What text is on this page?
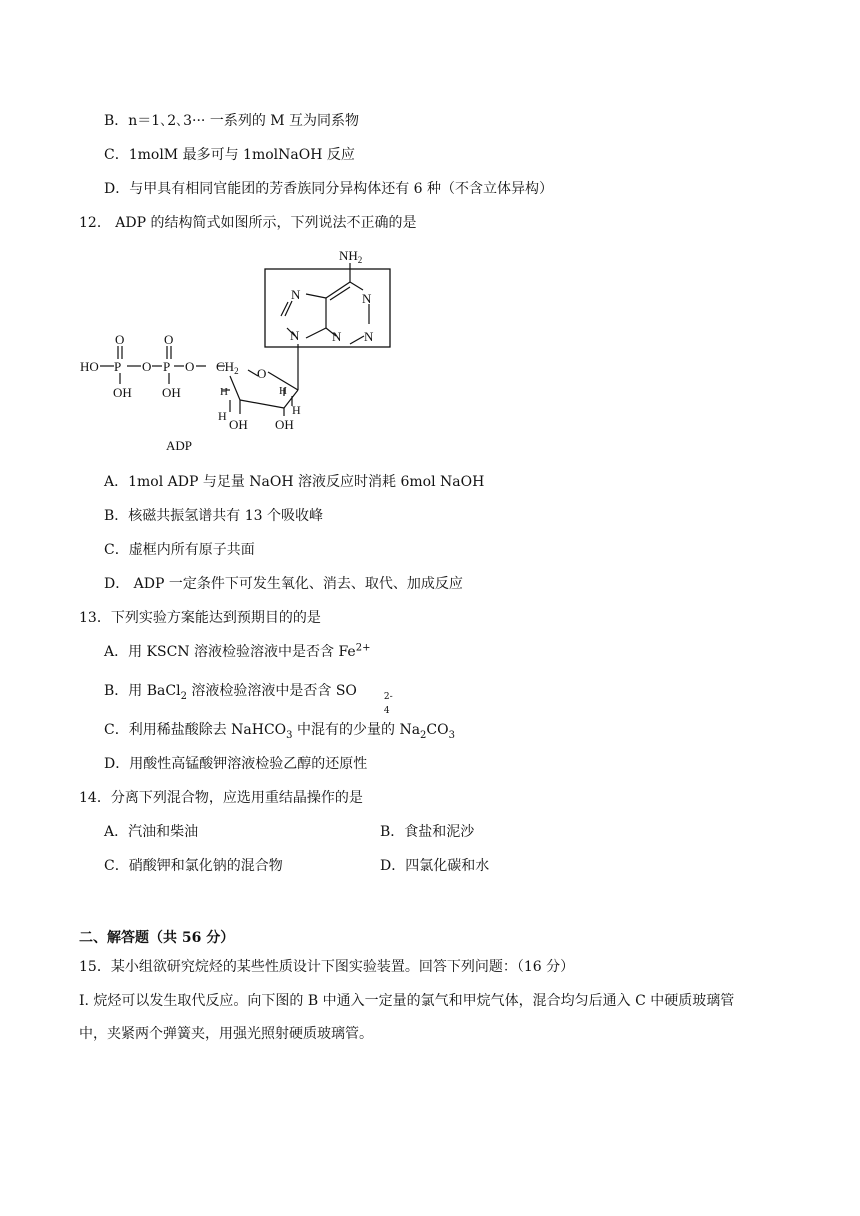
B．n＝1､2､3··· 一系列的 M 互为同系物
C．1molM 最多可与 1molNaOH 反应
D．与甲具有相同官能团的芳香族同分异构体还有 6 种（不含立体异构）
12． ADP 的结构简式如图所示，下列说法不正确的是
$NH_2$
N
N
N
N
N
HO P O P O
O	O
OH OH
$CH_2$ O
H
H
H
H
OH OH
ADP
A．1mol ADP 与足量 NaOH 溶液反应时消耗 6mol NaOH
B．核磁共振氢谱共有 13 个吸收峰
C．虚框内所有原子共面
D． ADP 一定条件下可发生氧化、消去、取代、加成反应
13．下列实验方案能达到预期目的的是
A．用 KSCN 溶液检验溶液中是否含 $Fe^{2+}$
B．用 BaCl$_2$ 溶液检验溶液中是否含 SO	2-
4
C．利用稀盐酸除去 NaHCO$_3$ 中混有的少量的 $Na_2CO_3$
D．用酸性高锰酸钾溶液检验乙醇的还原性
14．分离下列混合物，应选用重结晶操作的是
A．汽油和柴油	B．食盐和泥沙
C．硝酸钾和氯化钠的混合物	D．四氯化碳和水
二、解答题（共 56 分）
15．某小组欲研究烷烃的某些性质设计下图实验装置。回答下列问题：（16 分）
I. 烷烃可以发生取代反应。向下图的 B 中通入一定量的氯气和甲烷气体，混合均匀后通入 C 中硬质玻璃管
中，夹紧两个弹簧夹，用强光照射硬质玻璃管。
